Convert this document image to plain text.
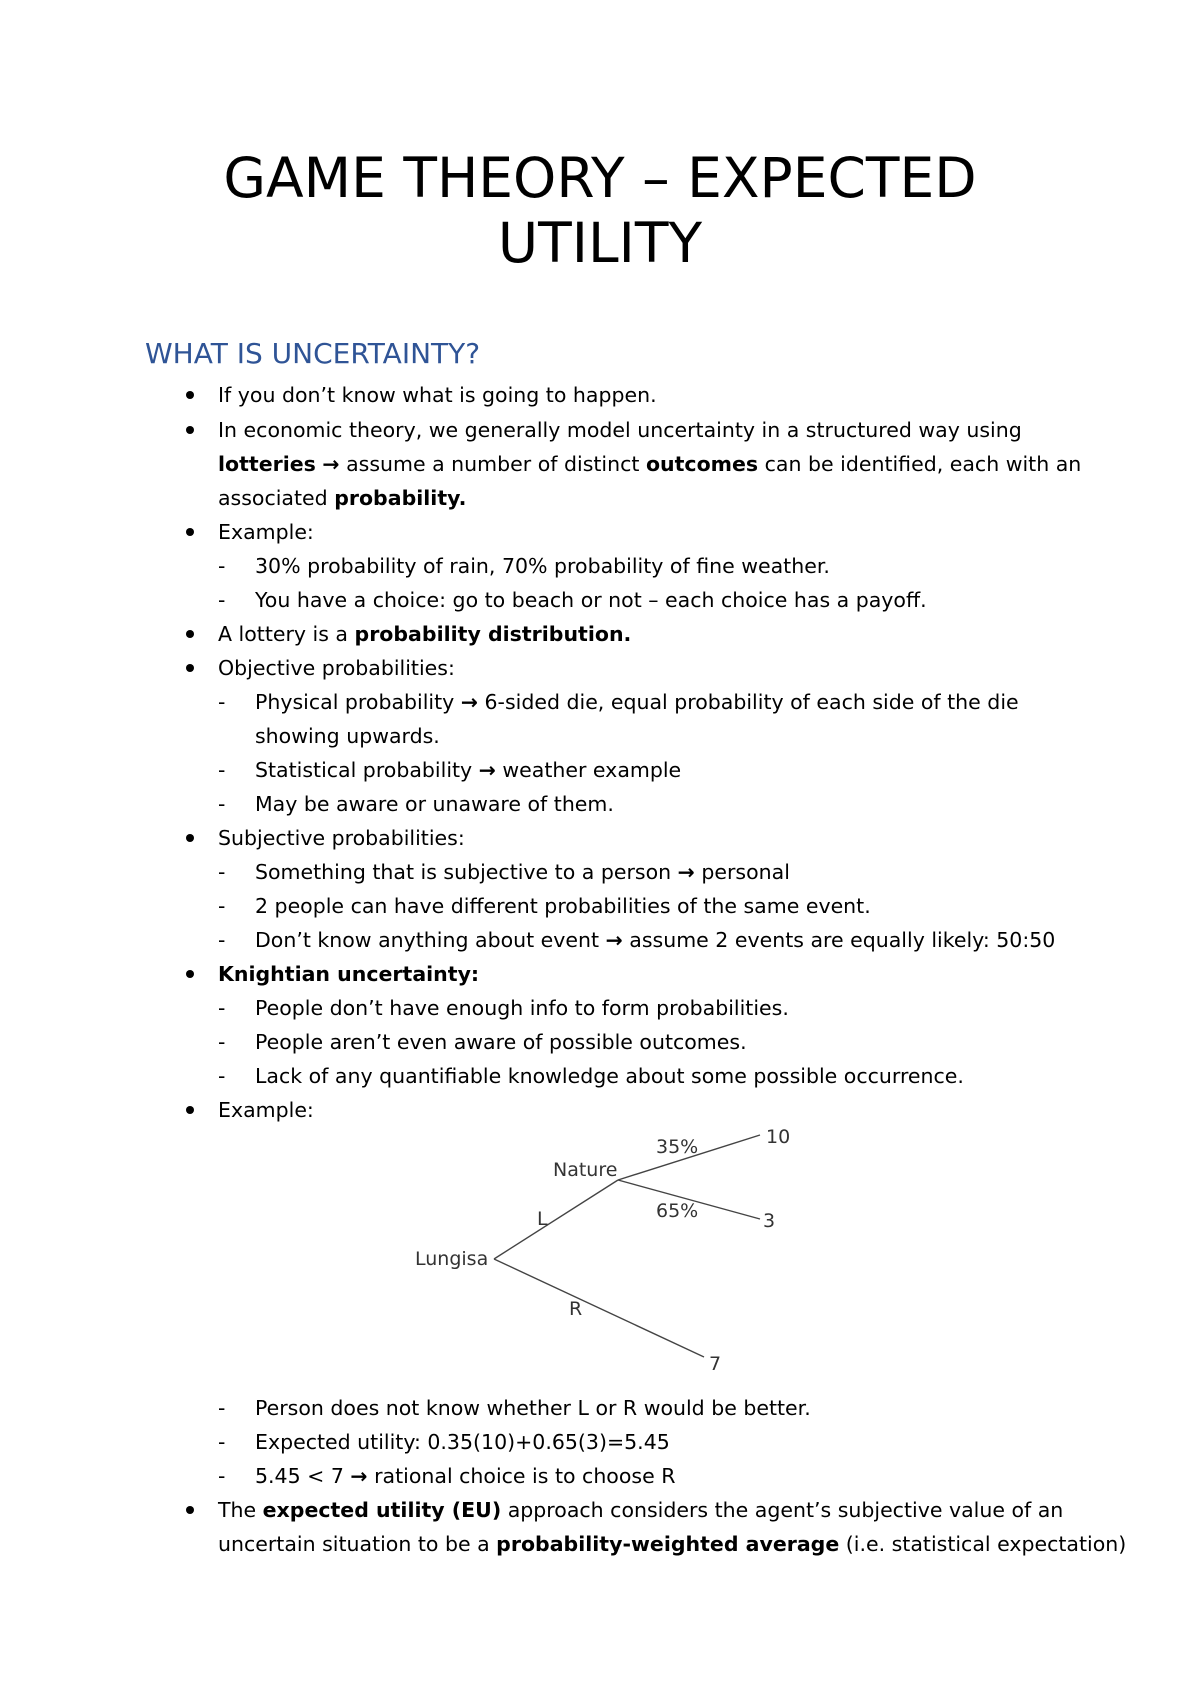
GAME THEORY – EXPECTED
UTILITY
WHAT IS UNCERTAINTY?
If you don’t know what is going to happen.
In economic theory, we generally model uncertainty in a structured way using
lotteries → assume a number of distinct outcomes can be identified, each with an
associated probability.
Example:
- 30% probability of rain, 70% probability of fine weather.
- You have a choice: go to beach or not – each choice has a payoff.
A lottery is a probability distribution.
Objective probabilities:
- Physical probability → 6-sided die, equal probability of each side of the die
showing upwards.
- Statistical probability → weather example
- May be aware or unaware of them.
Subjective probabilities:
- Something that is subjective to a person → personal
- 2 people can have different probabilities of the same event.
- Don’t know anything about event → assume 2 events are equally likely: 50:50
Knightian uncertainty:
- People don’t have enough info to form probabilities.
- People aren’t even aware of possible outcomes.
- Lack of any quantifiable knowledge about some possible occurrence.
Example:
Lungisa
L
R
Nature
35%
65%
10
3
7
- Person does not know whether L or R would be better.
- Expected utility: 0.35(10)+0.65(3)=5.45
- 5.45 < 7 → rational choice is to choose R
The expected utility (EU) approach considers the agent’s subjective value of an
uncertain situation to be a probability-weighted average (i.e. statistical expectation)
